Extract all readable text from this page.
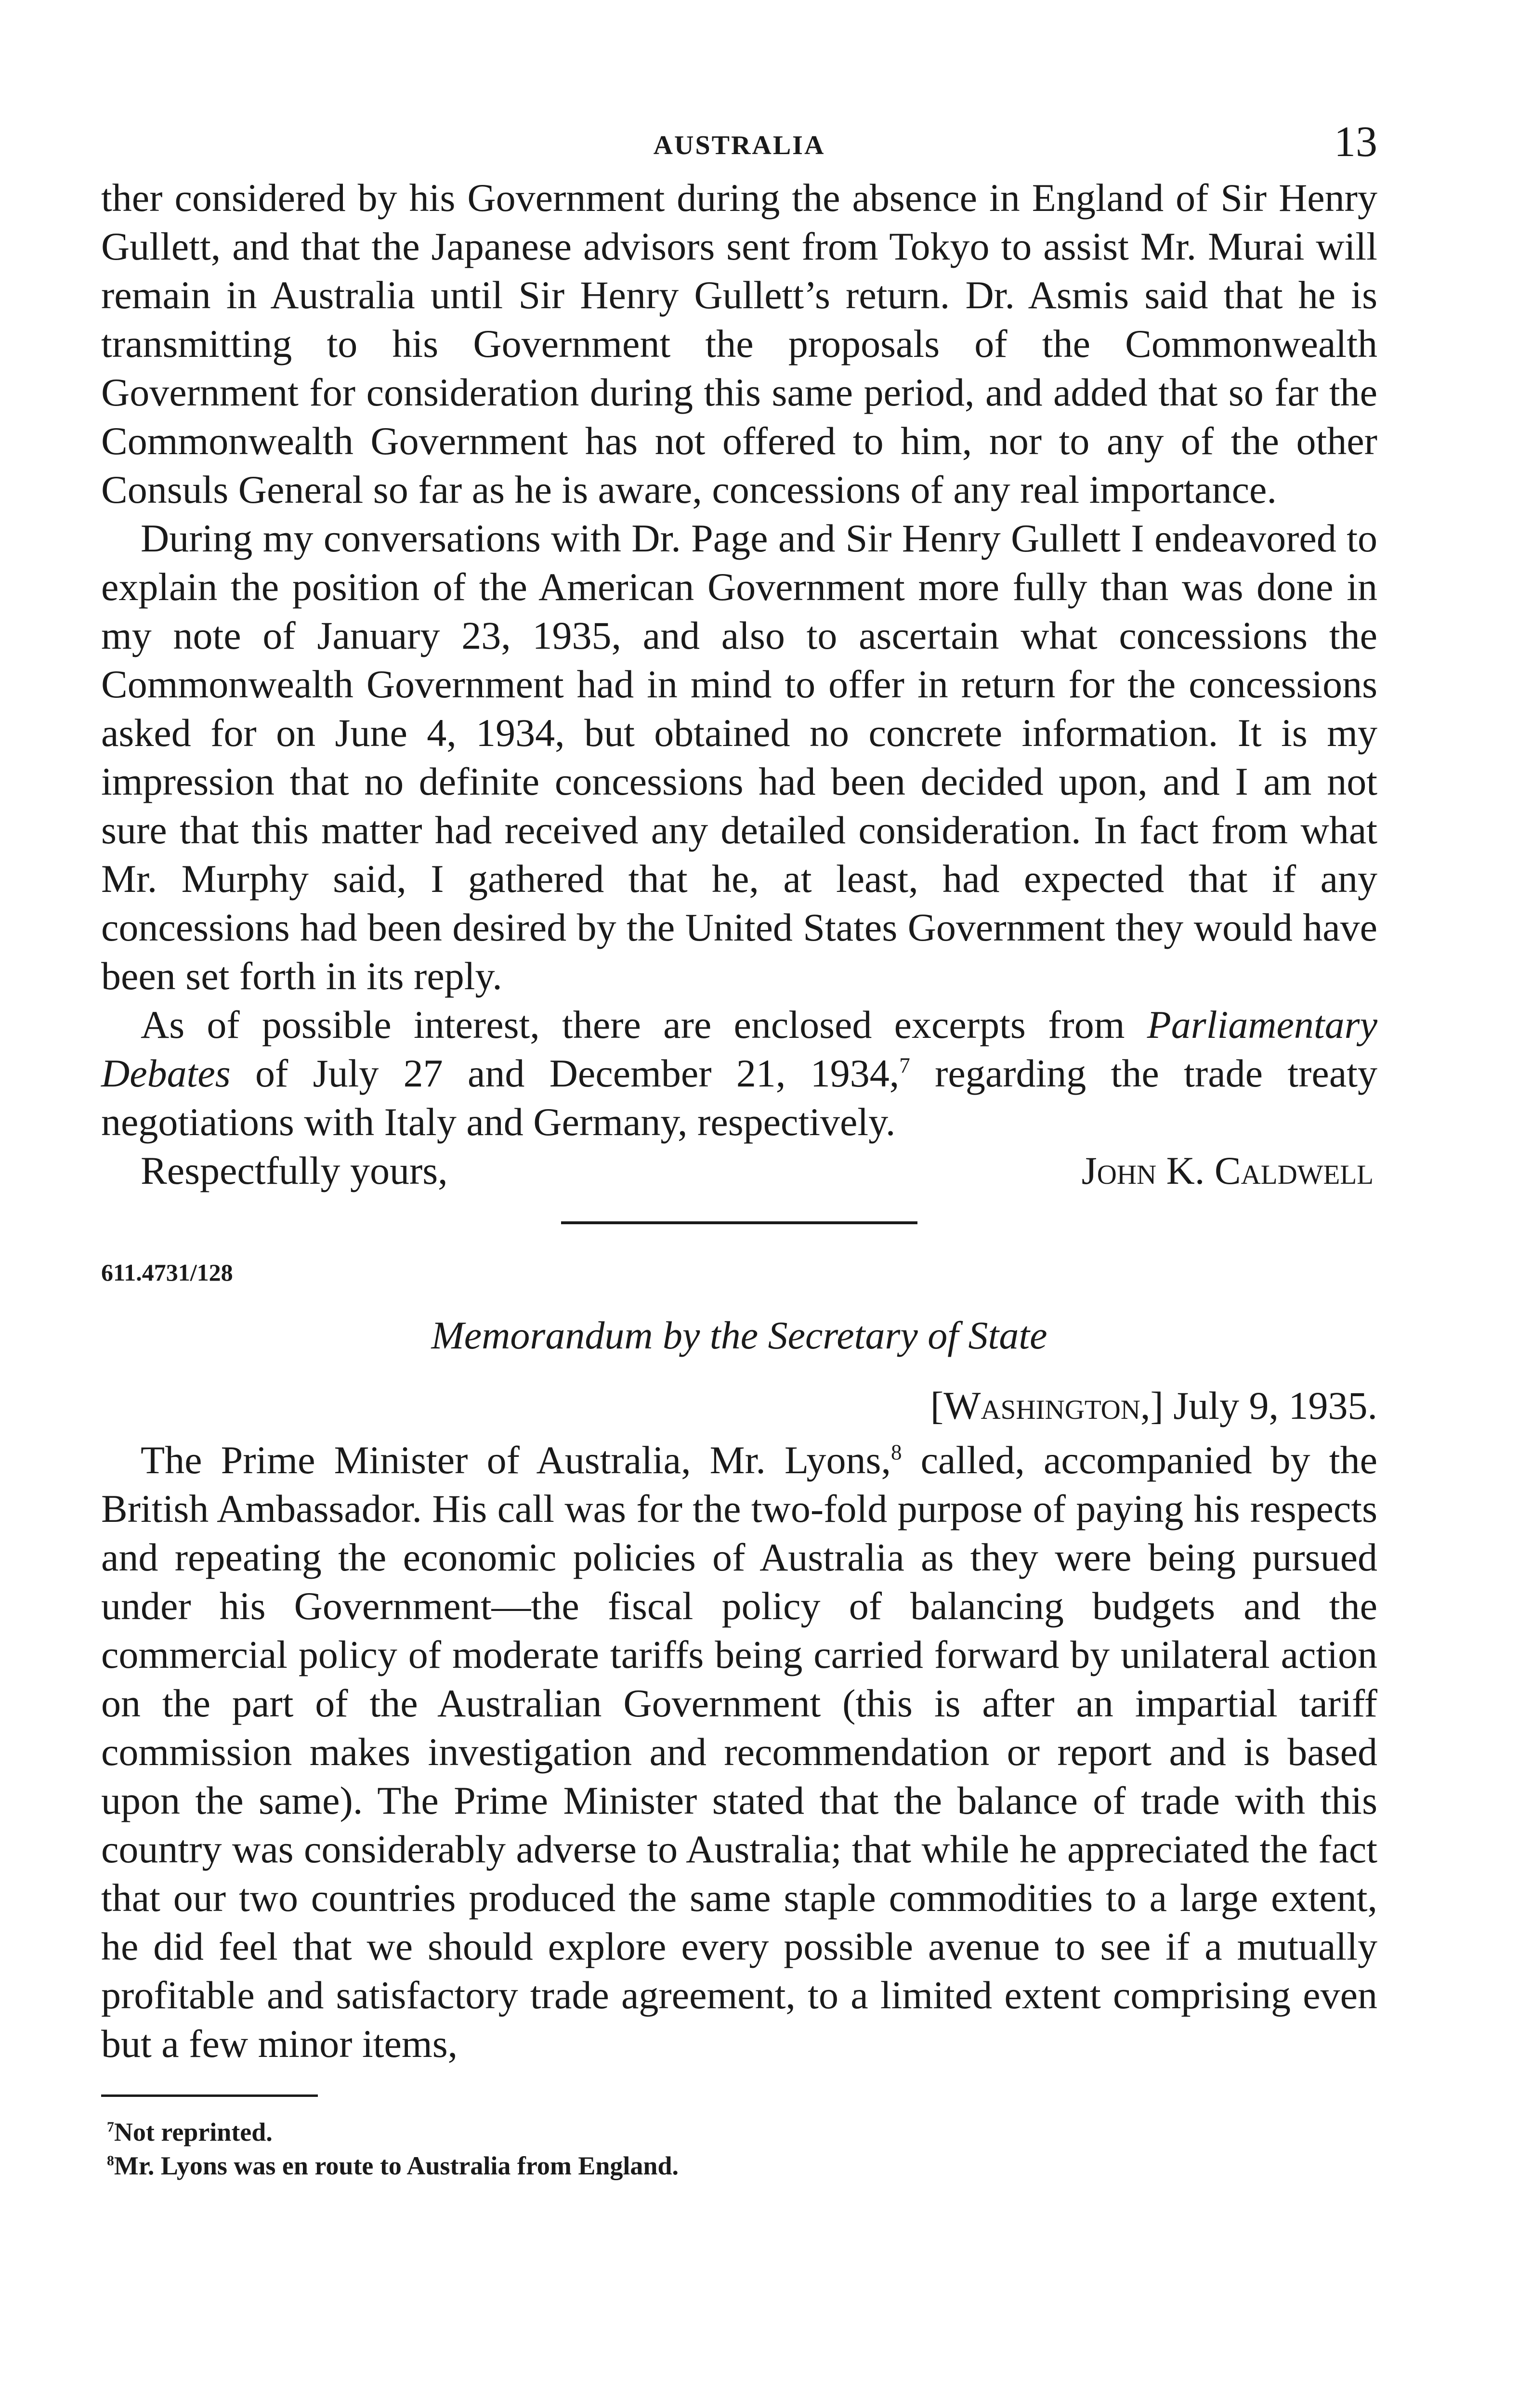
AUSTRALIA	13

ther considered by his Government during the absence in England of Sir Henry Gullett, and that the Japanese advisors sent from Tokyo to assist Mr. Murai will remain in Australia until Sir Henry Gullett’s return. Dr. Asmis said that he is transmitting to his Government the proposals of the Commonwealth Government for consideration during this same period, and added that so far the Commonwealth Government has not offered to him, nor to any of the other Consuls General so far as he is aware, concessions of any real importance.

During my conversations with Dr. Page and Sir Henry Gullett I endeavored to explain the position of the American Government more fully than was done in my note of January 23, 1935, and also to ascertain what concessions the Commonwealth Government had in mind to offer in return for the concessions asked for on June 4, 1934, but obtained no concrete information. It is my impression that no definite concessions had been decided upon, and I am not sure that this matter had received any detailed consideration. In fact from what Mr. Murphy said, I gathered that he, at least, had expected that if any concessions had been desired by the United States Government they would have been set forth in its reply.

As of possible interest, there are enclosed excerpts from Parliamentary Debates of July 27 and December 21, 1934,$^7$ regarding the trade treaty negotiations with Italy and Germany, respectively.

Respectfully yours,	John K. Caldwell
611.4731/128
Memorandum by the Secretary of State
[Washington,] July 9, 1935.

The Prime Minister of Australia, Mr. Lyons,$^8$ called, accompanied by the British Ambassador. His call was for the two-fold purpose of paying his respects and repeating the economic policies of Australia as they were being pursued under his Government—the fiscal policy of balancing budgets and the commercial policy of moderate tariffs being carried forward by unilateral action on the part of the Australian Government (this is after an impartial tariff commission makes investigation and recommendation or report and is based upon the same). The Prime Minister stated that the balance of trade with this country was considerably adverse to Australia; that while he appreciated the fact that our two countries produced the same staple commodities to a large extent, he did feel that we should explore every possible avenue to see if a mutually profitable and satisfactory trade agreement, to a limited extent comprising even but a few minor items,

$^7$Not reprinted.
$^8$Mr. Lyons was en route to Australia from England.
